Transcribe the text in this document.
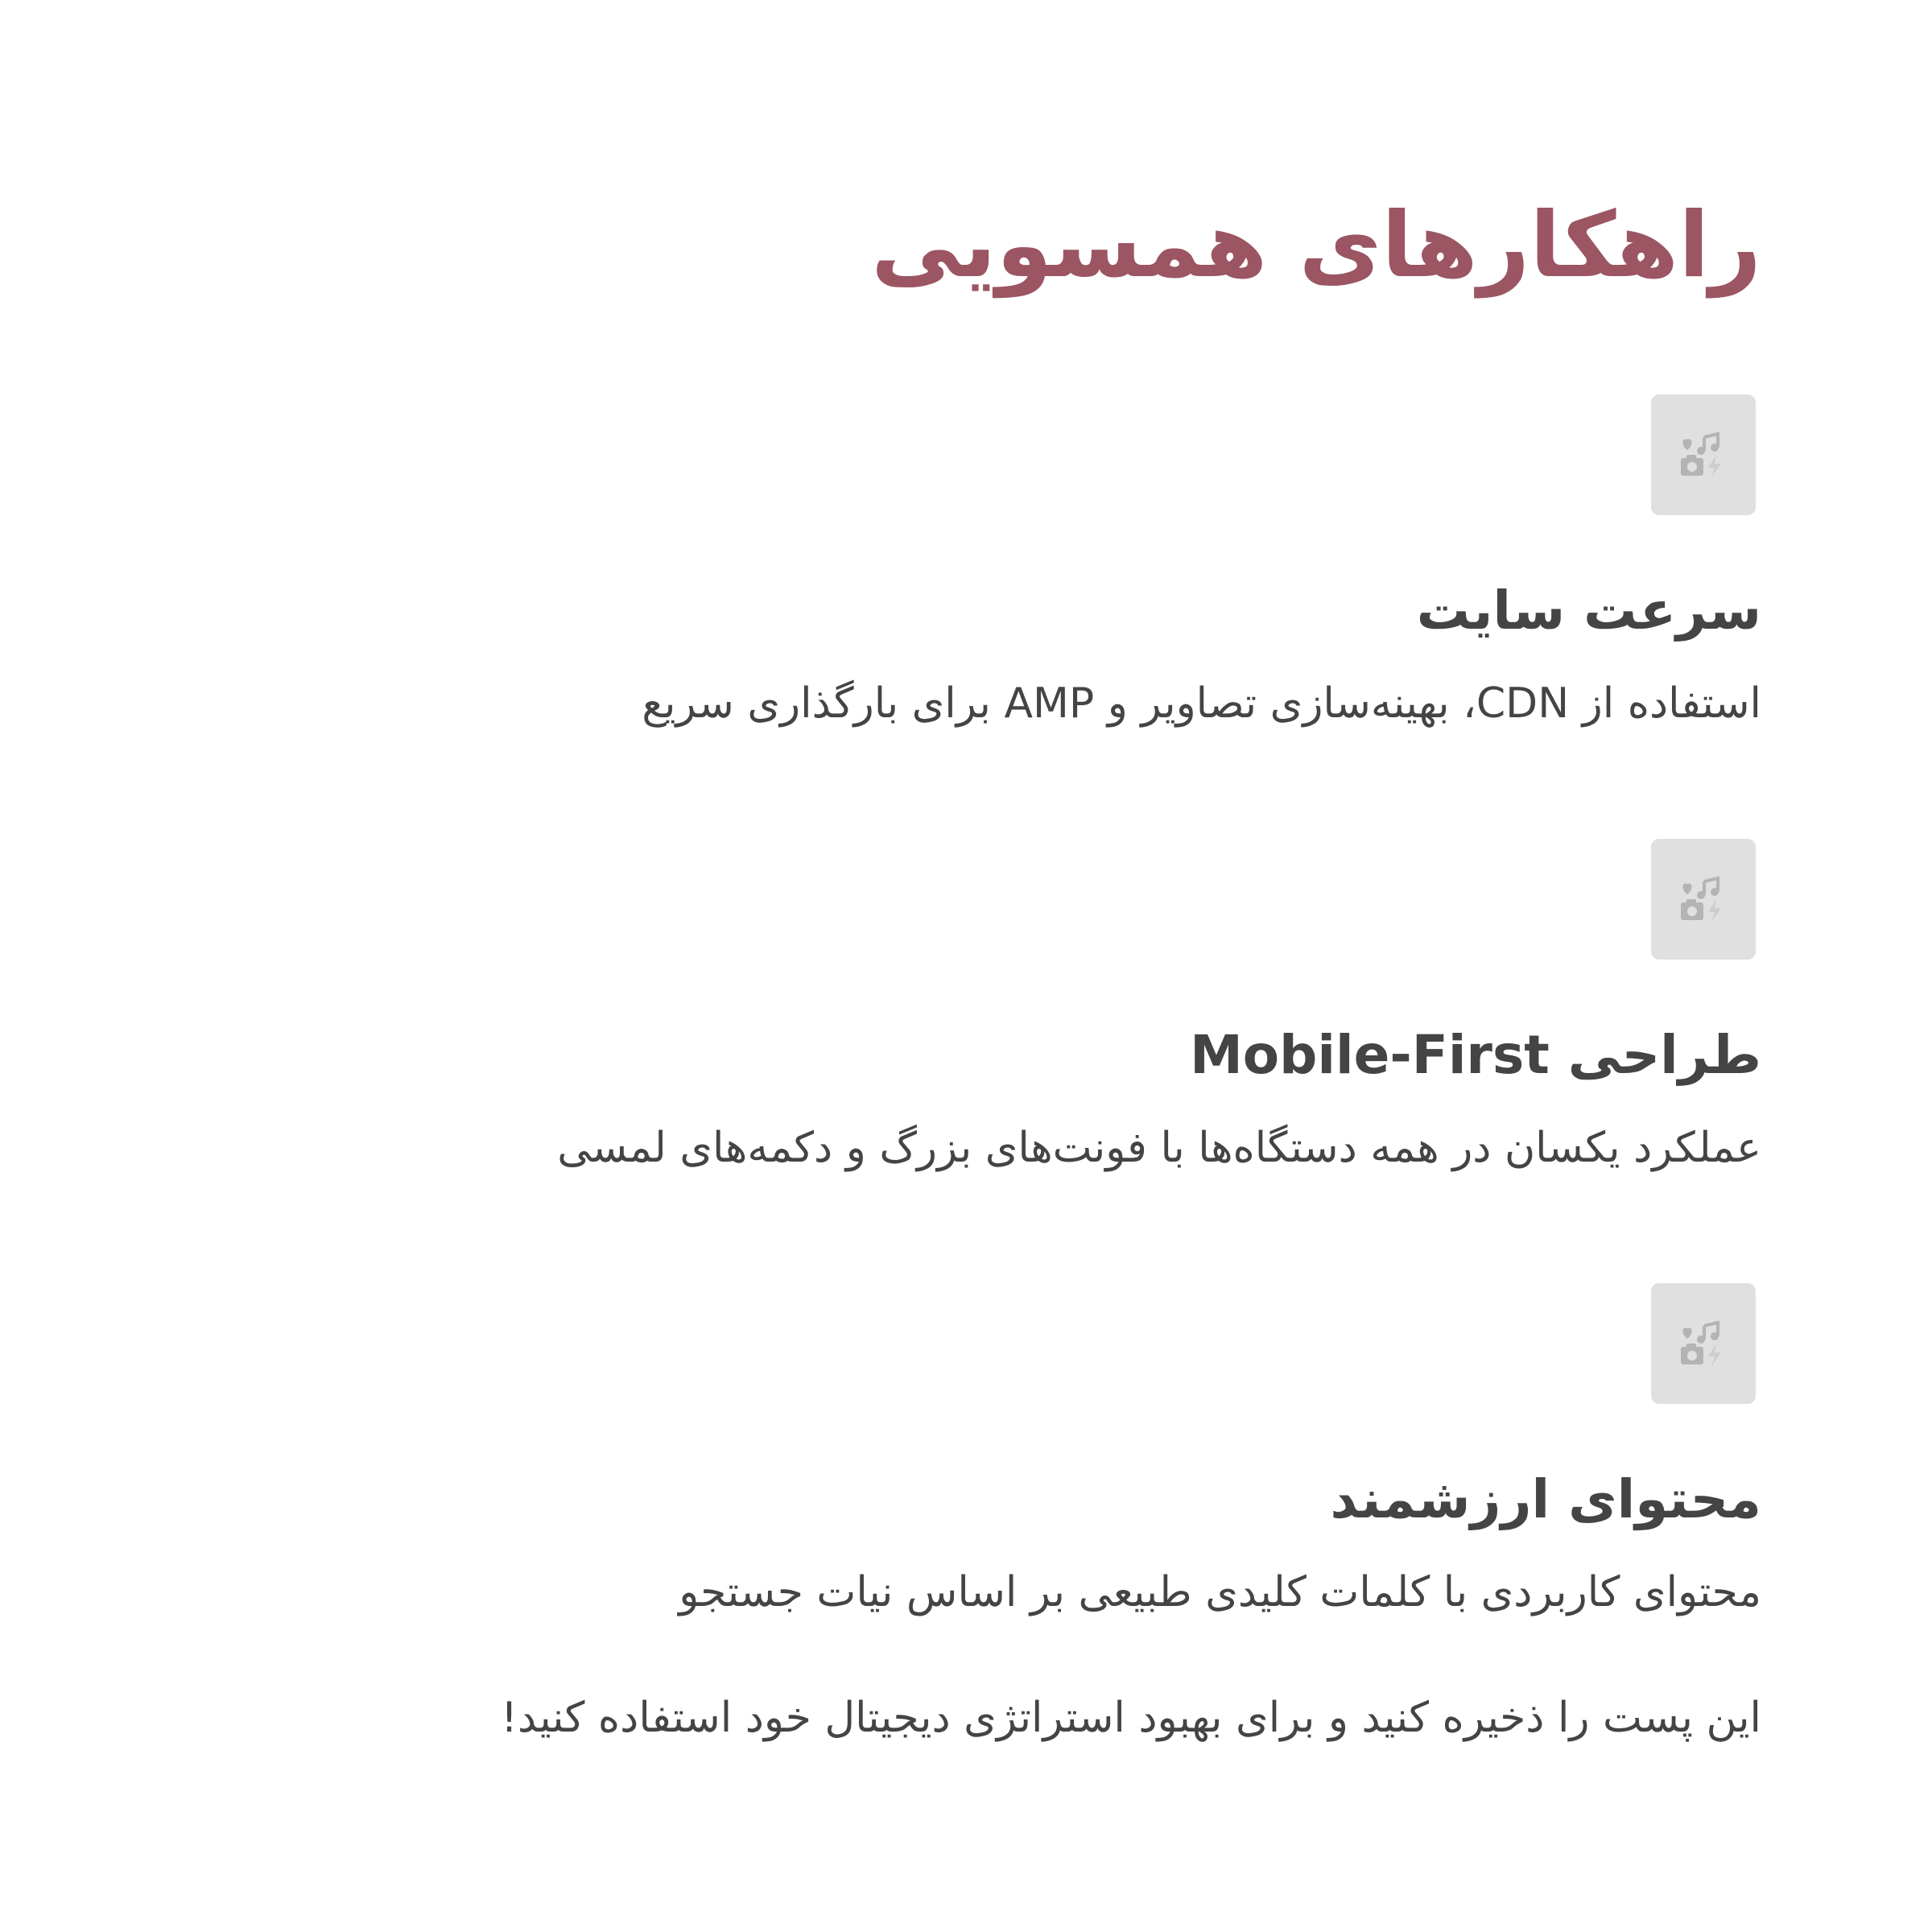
راهکارهای همسویی
سرعت سایت

استفاده از CDN، بهینه‌سازی تصاویر و AMP برای بارگذاری سریع

طراحی Mobile-First

عملکرد یکسان در همه دستگاه‌ها با فونت‌های بزرگ و دکمه‌های لمسی

محتوای ارزشمند

محتوای کاربردی با کلمات کلیدی طبیعی بر اساس نیات جستجو

این پست را ذخیره کنید و برای بهبود استراتژی دیجیتال خود استفاده کنید!
